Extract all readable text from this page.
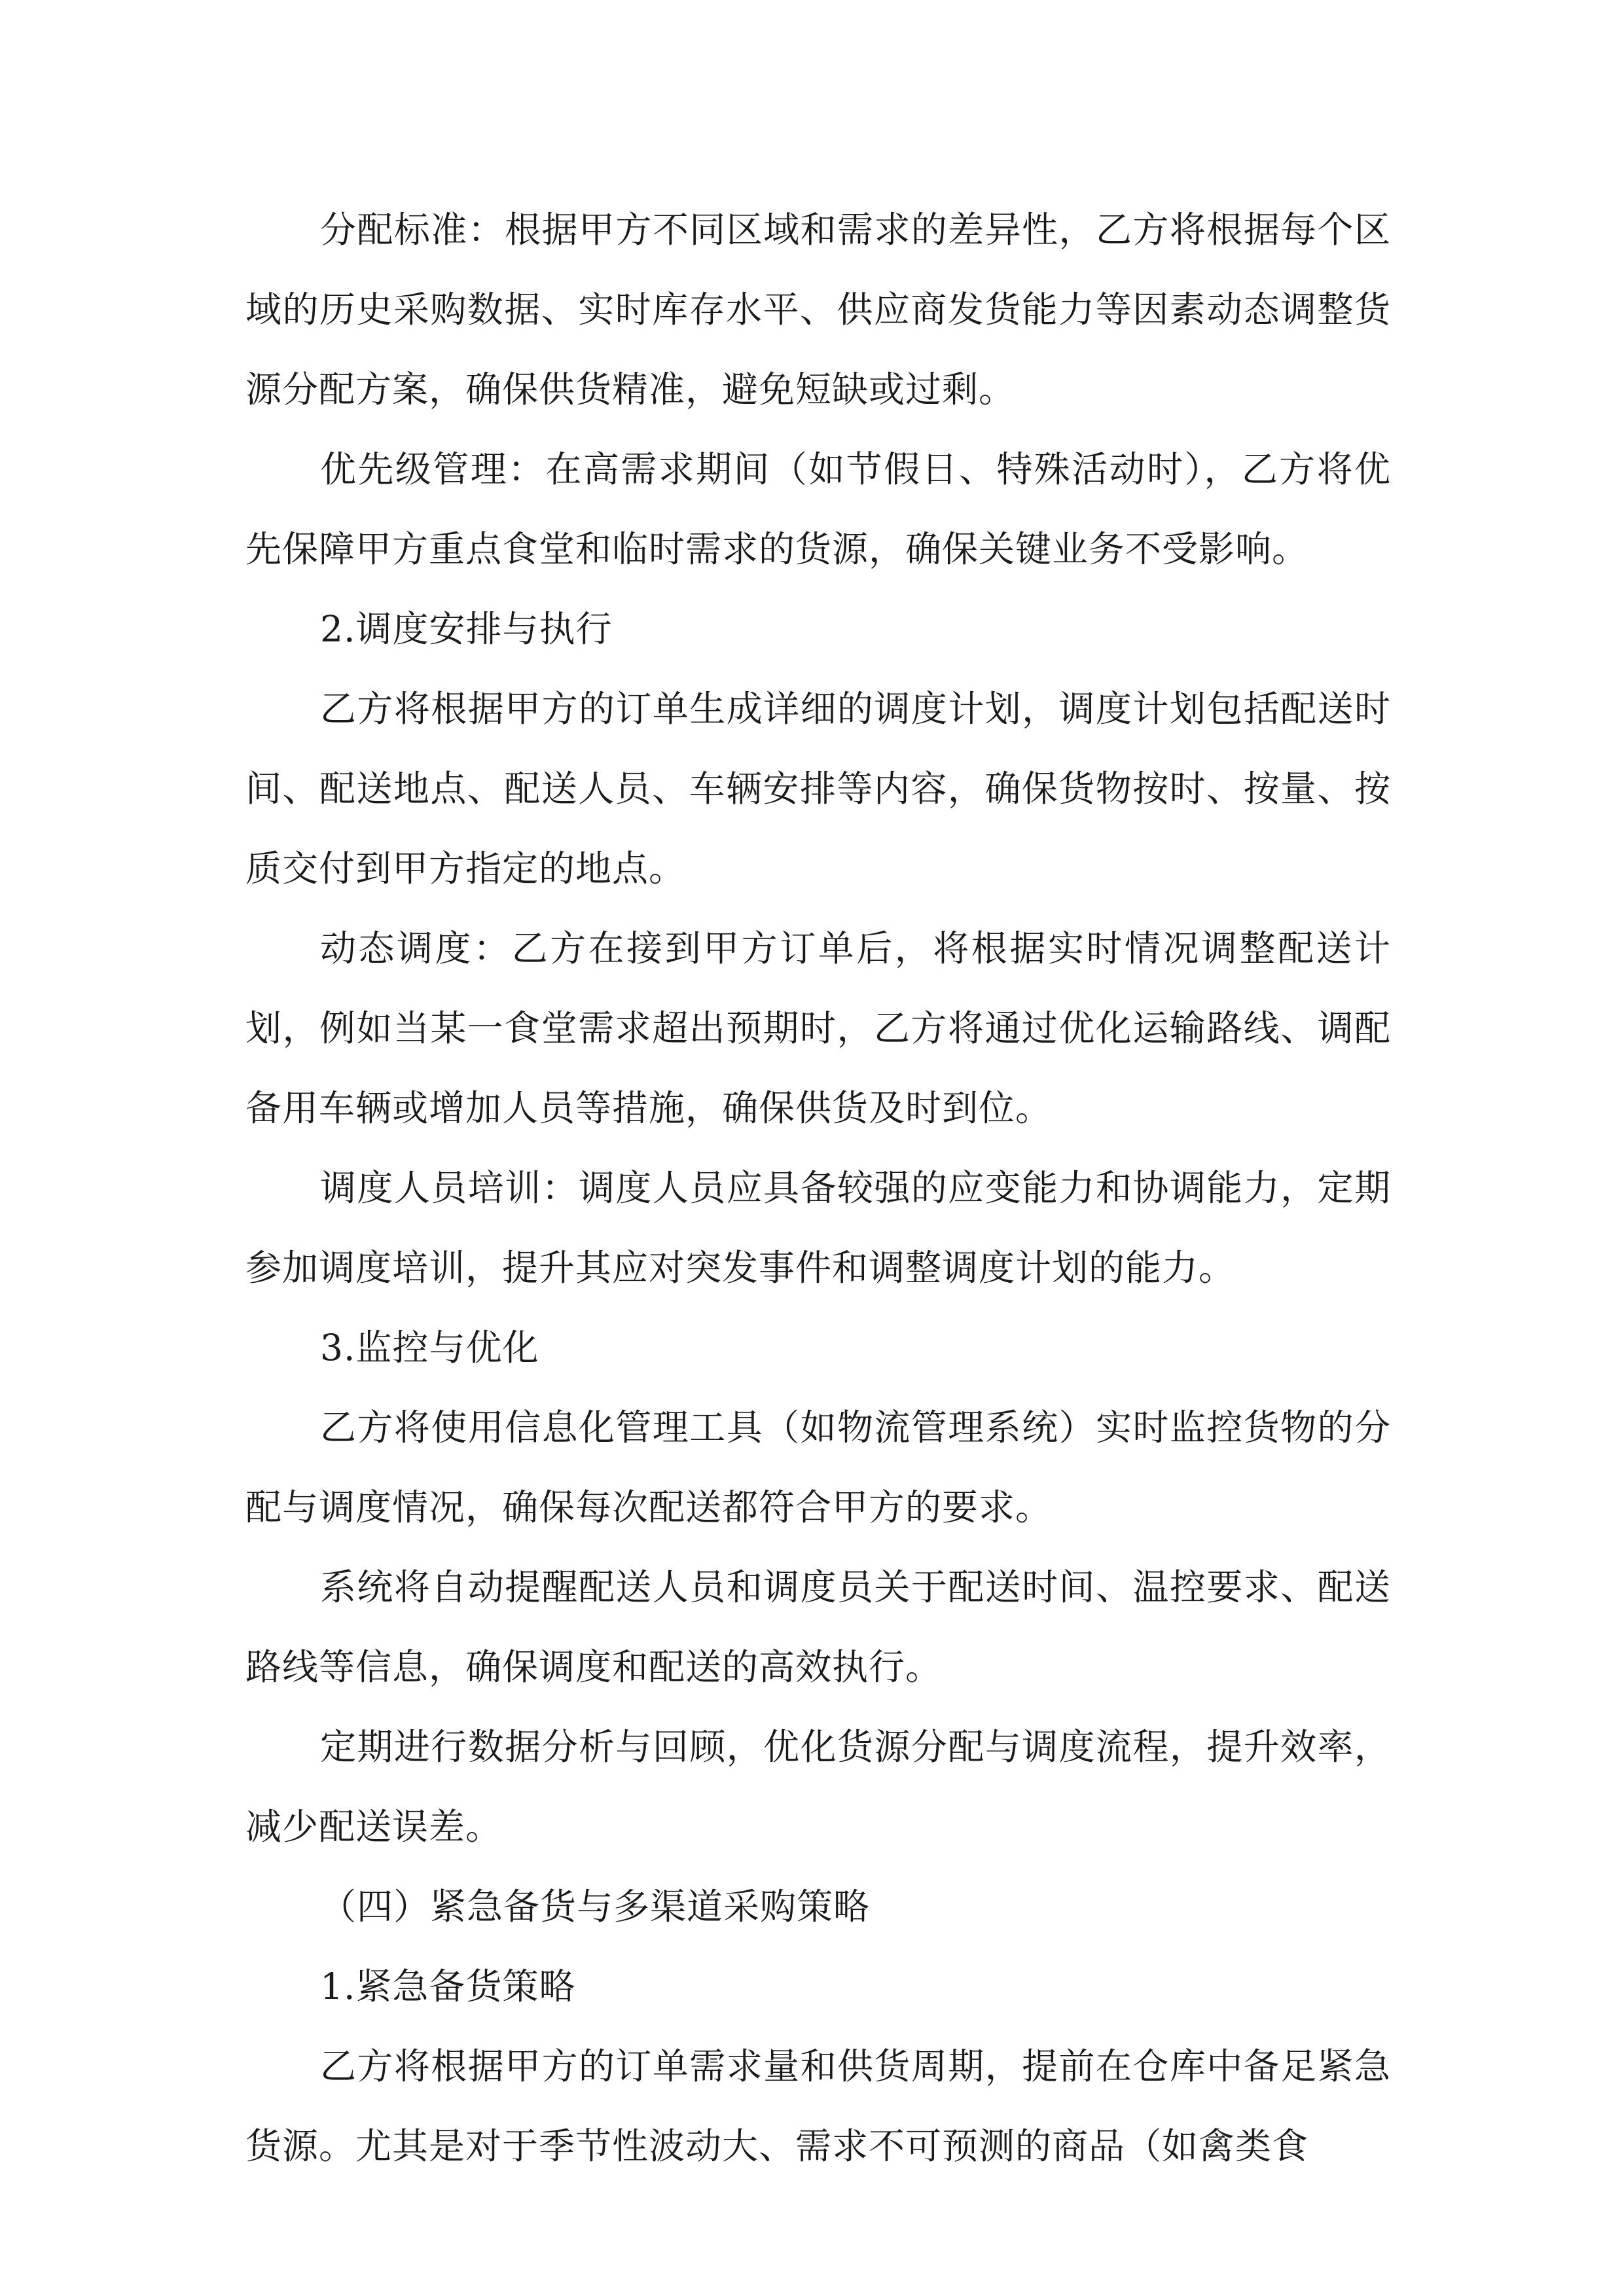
分配标准：根据甲方不同区域和需求的差异性，乙方将根据每个区域的历史采购数据、实时库存水平、供应商发货能力等因素动态调整货源分配方案，确保供货精准，避免短缺或过剩。

优先级管理：在高需求期间（如节假日、特殊活动时），乙方将优先保障甲方重点食堂和临时需求的货源，确保关键业务不受影响。

2.调度安排与执行

乙方将根据甲方的订单生成详细的调度计划，调度计划包括配送时间、配送地点、配送人员、车辆安排等内容，确保货物按时、按量、按质交付到甲方指定的地点。

动态调度：乙方在接到甲方订单后，将根据实时情况调整配送计划，例如当某一食堂需求超出预期时，乙方将通过优化运输路线、调配备用车辆或增加人员等措施，确保供货及时到位。

调度人员培训：调度人员应具备较强的应变能力和协调能力，定期参加调度培训，提升其应对突发事件和调整调度计划的能力。

3.监控与优化

乙方将使用信息化管理工具（如物流管理系统）实时监控货物的分配与调度情况，确保每次配送都符合甲方的要求。

系统将自动提醒配送人员和调度员关于配送时间、温控要求、配送路线等信息，确保调度和配送的高效执行。

定期进行数据分析与回顾，优化货源分配与调度流程，提升效率，减少配送误差。

（四）紧急备货与多渠道采购策略

1.紧急备货策略

乙方将根据甲方的订单需求量和供货周期，提前在仓库中备足紧急货源。尤其是对于季节性波动大、需求不可预测的商品（如禽类食
